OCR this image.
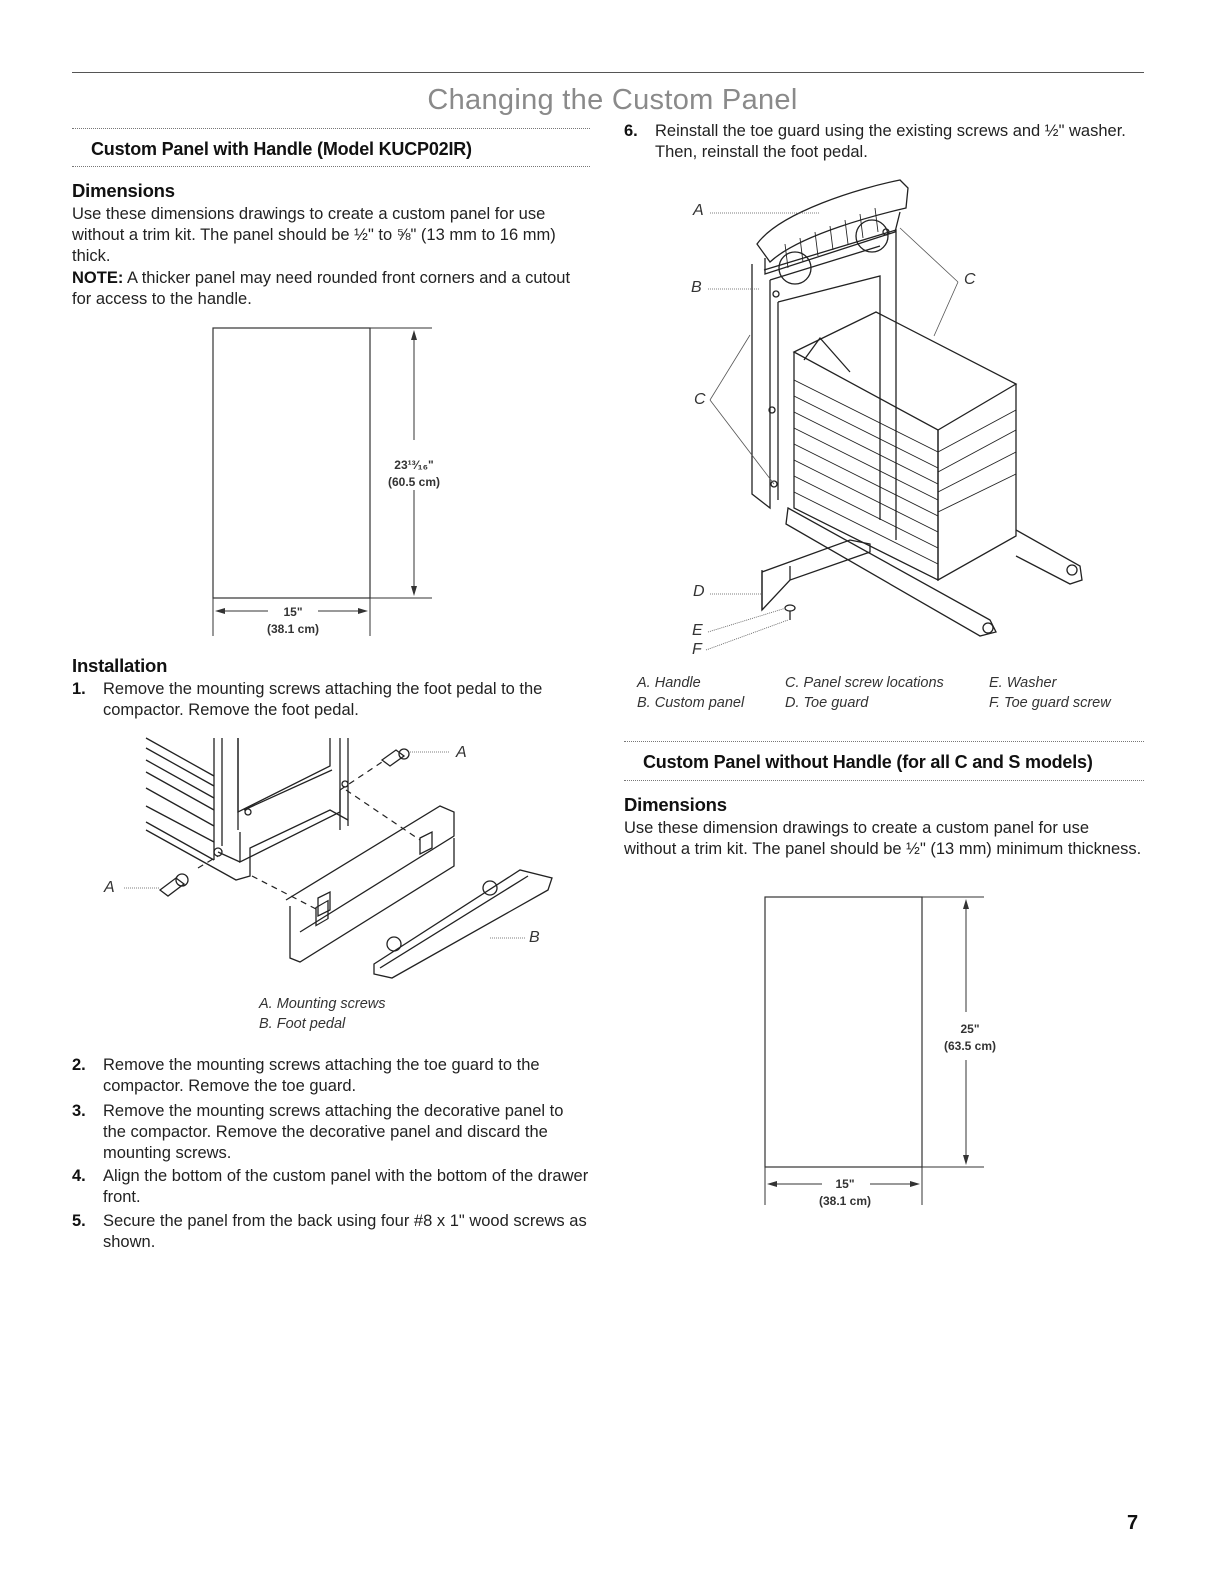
Changing the Custom Panel
Custom Panel with Handle (Model KUCP02IR)
Dimensions
Use these dimensions drawings to create a custom panel for use without a trim kit. The panel should be ½" to ⅝" (13 mm to 16 mm) thick.
NOTE: A thicker panel may need rounded front corners and a cutout for access to the handle.
23¹³⁄₁₆"
(60.5 cm)
15"
(38.1 cm)
Installation
1.	Remove the mounting screws attaching the foot pedal to the compactor. Remove the foot pedal.
A
A
B
A. Mounting screws
B. Foot pedal
2.	Remove the mounting screws attaching the toe guard to the compactor. Remove the toe guard.
3.	Remove the mounting screws attaching the decorative panel to the compactor. Remove the decorative panel and discard the mounting screws.
4.	Align the bottom of the custom panel with the bottom of the drawer front.
5.	Secure the panel from the back using four #8 x 1" wood screws as shown.
6.	Reinstall the toe guard using the existing screws and ½" washer. Then, reinstall the foot pedal.
A
B	C
C
D
E
F
A. Handle
B. Custom panel
C. Panel screw locations
D. Toe guard
E. Washer
F. Toe guard screw
Custom Panel without Handle (for all C and S models)
Dimensions
Use these dimension drawings to create a custom panel for use without a trim kit. The panel should be ½" (13 mm) minimum thickness.
25"
(63.5 cm)
15"
(38.1 cm)
7
